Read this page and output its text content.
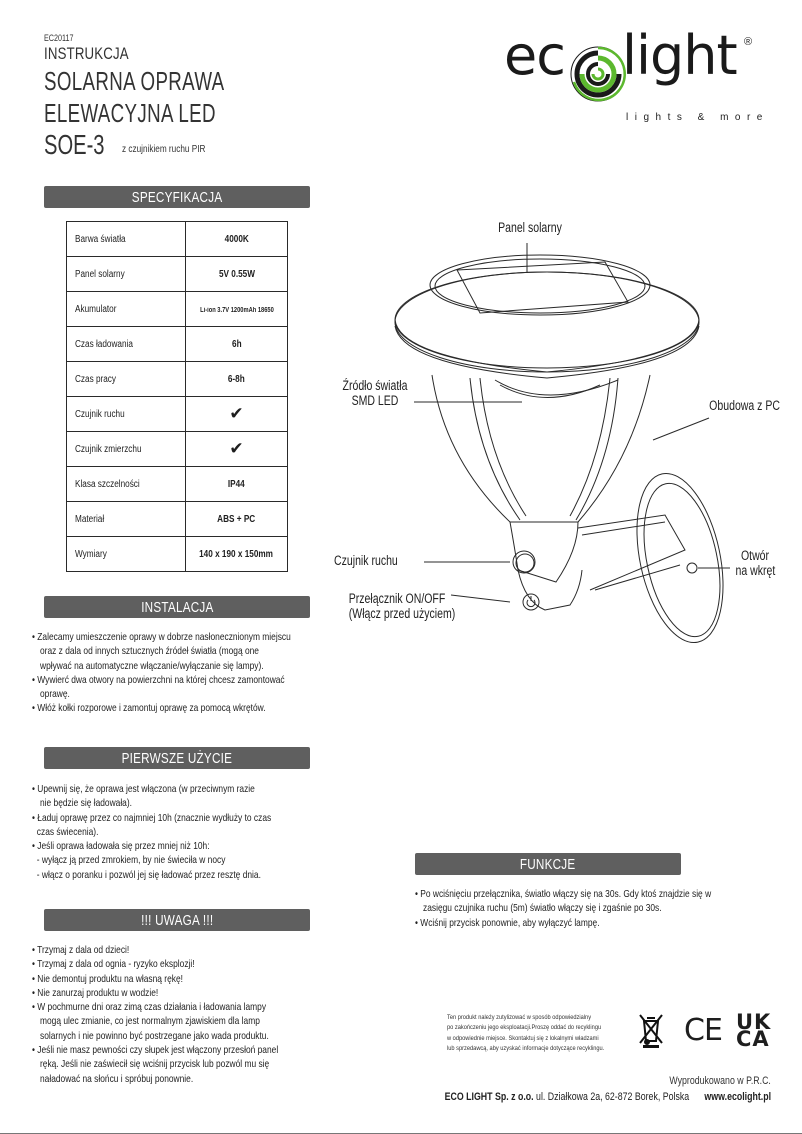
EC20117
INSTRUKCJA
SOLARNA OPRAWA
ELEWACYJNA LED
SOE-3 z czujnikiem ruchu PIR
ec light ®
lights & more
SPECYFIKACJA
Barwa światła	4000K
Panel solarny	5V 0.55W
Akumulator	Li-ion 3.7V 1200mAh 18650
Czas ładowania	6h
Czas pracy	6-8h
Czujnik ruchu	✔
Czujnik zmierzchu	✔
Klasa szczelności	IP44
Materiał	ABS + PC
Wymiary	140 x 190 x 150mm
INSTALACJA
• Zalecamy umieszczenie oprawy w dobrze nasłonecznionym miejscu
oraz z dala od innych sztucznych źródeł światła (mogą one
wpływać na automatyczne włączanie/wyłączanie się lampy).
• Wywierć dwa otwory na powierzchni na której chcesz zamontować
oprawę.
• Włóż kołki rozporowe i zamontuj oprawę za pomocą wkrętów.
PIERWSZE UŻYCIE
• Upewnij się, że oprawa jest włączona (w przeciwnym razie
nie będzie się ładowała).
• Ładuj oprawę przez co najmniej 10h (znacznie wydłuży to czas
czas świecenia).
• Jeśli oprawa ładowała się przez mniej niż 10h:
- wyłącz ją przed zmrokiem, by nie świeciła w nocy
- włącz o poranku i pozwól jej się ładować przez resztę dnia.
!!! UWAGA !!!
• Trzymaj z dala od dzieci!
• Trzymaj z dala od ognia - ryzyko eksplozji!
• Nie demontuj produktu na własną rękę!
• Nie zanurzaj produktu w wodzie!
• W pochmurne dni oraz zimą czas działania i ładowania lampy
mogą ulec zmianie, co jest normalnym zjawiskiem dla lamp
solarnych i nie powinno być postrzegane jako wada produktu.
• Jeśli nie masz pewności czy słupek jest włączony przesłoń panel
ręką. Jeśli nie zaświecił się wciśnij przycisk lub pozwól mu się
naładować na słońcu i spróbuj ponownie.
Panel solarny
Źródło światła
SMD LED	Obudowa z PC
Czujnik ruchu
Przełącznik ON/OFF
(Włącz przed użyciem)
Otwór
na wkręt
FUNKCJE
• Po wciśnięciu przełącznika, światło włączy się na 30s. Gdy ktoś znajdzie się w
zasięgu czujnika ruchu (5m) światło włączy się i zgaśnie po 30s.
• Wciśnij przycisk ponownie, aby wyłączyć lampę.
Ten produkt należy zutylizować w sposób odpowiedzialny
po zakończeniu jego eksploatacji.Proszę oddać do recyklingu
w odpowiednie miejsce. Skontaktuj się z lokalnymi władzami
lub sprzedawcą, aby uzyskać informacje dotyczące recyklingu.
CE UK
CA
Wyprodukowano w P.R.C.
ECO LIGHT Sp. z o.o. ul. Działkowa 2a, 62-872 Borek, Polska www.ecolight.pl
